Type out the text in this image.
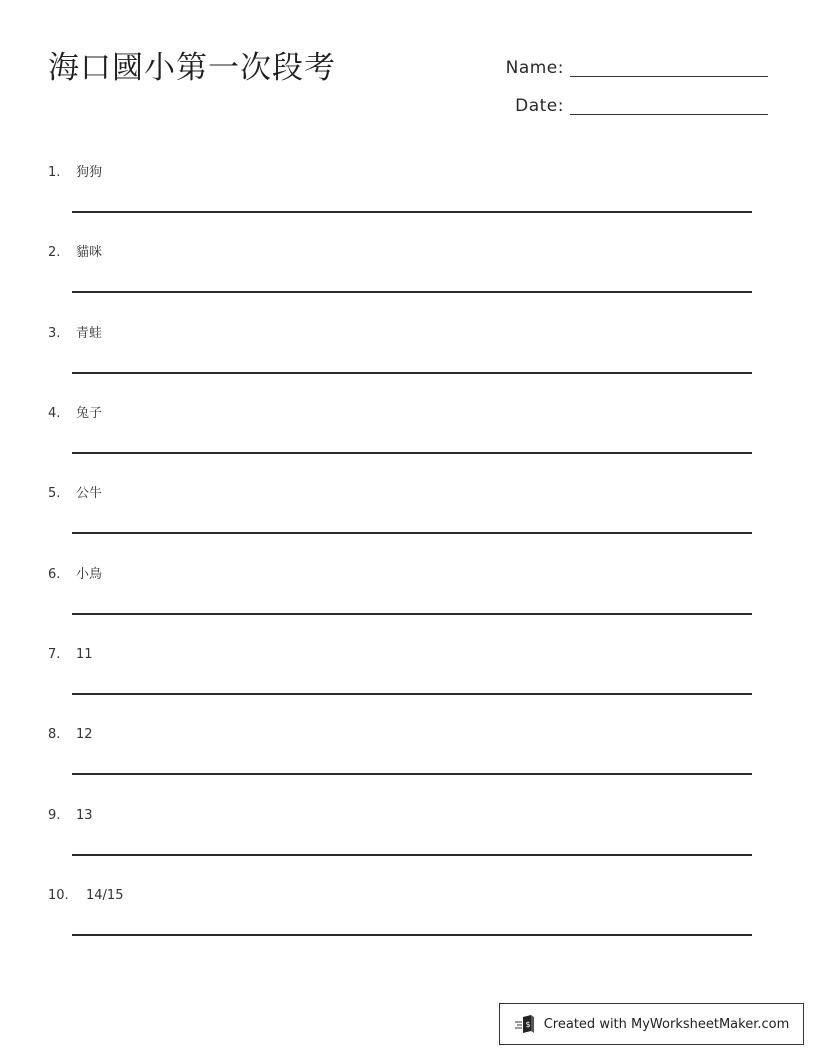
海口國小第一次段考	Name:
Date:
1. 狗狗
2. 貓咪
3. 青蛙
4. 兔子
5. 公牛
6. 小鳥
7. 11
8. 12
9. 13
10. 14/15
$ Created with MyWorksheetMaker.com
